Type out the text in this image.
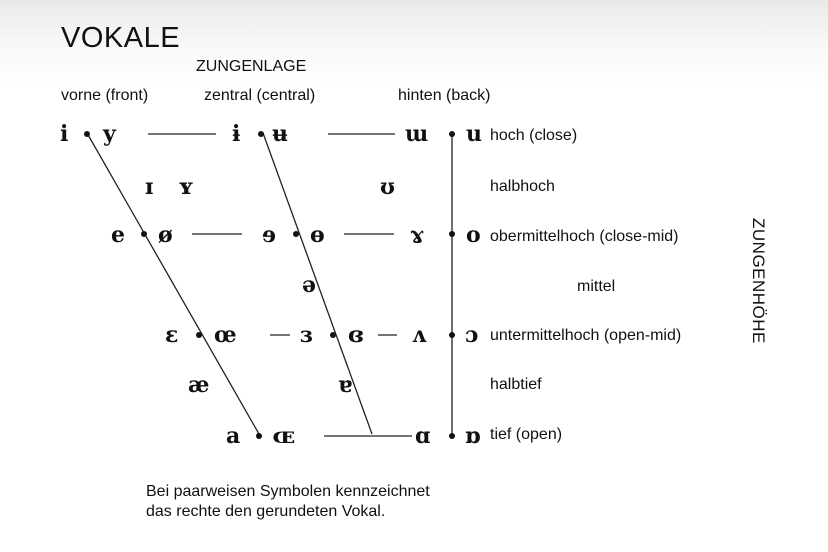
VOKALE
ZUNGENLAGE
vorne (front)	zentral (central)	hinten (back)
ZUNGENHÖHE
hoch (close)
halbhoch
obermittelhoch (close-mid)
mittel
untermittelhoch (open-mid)
halbtief
tief (open)
i y	ɨ ʉ	ɯ u
ɪ ʏ	ʊ
e ø	ɘ ɵ	ɤ o
ə
ɛ œ	ɜ ɞ ʌ ɔ
æ	ɐ
a ɶ	ɑ ɒ
Bei paarweisen Symbolen kennzeichnet
das rechte den gerundeten Vokal.
